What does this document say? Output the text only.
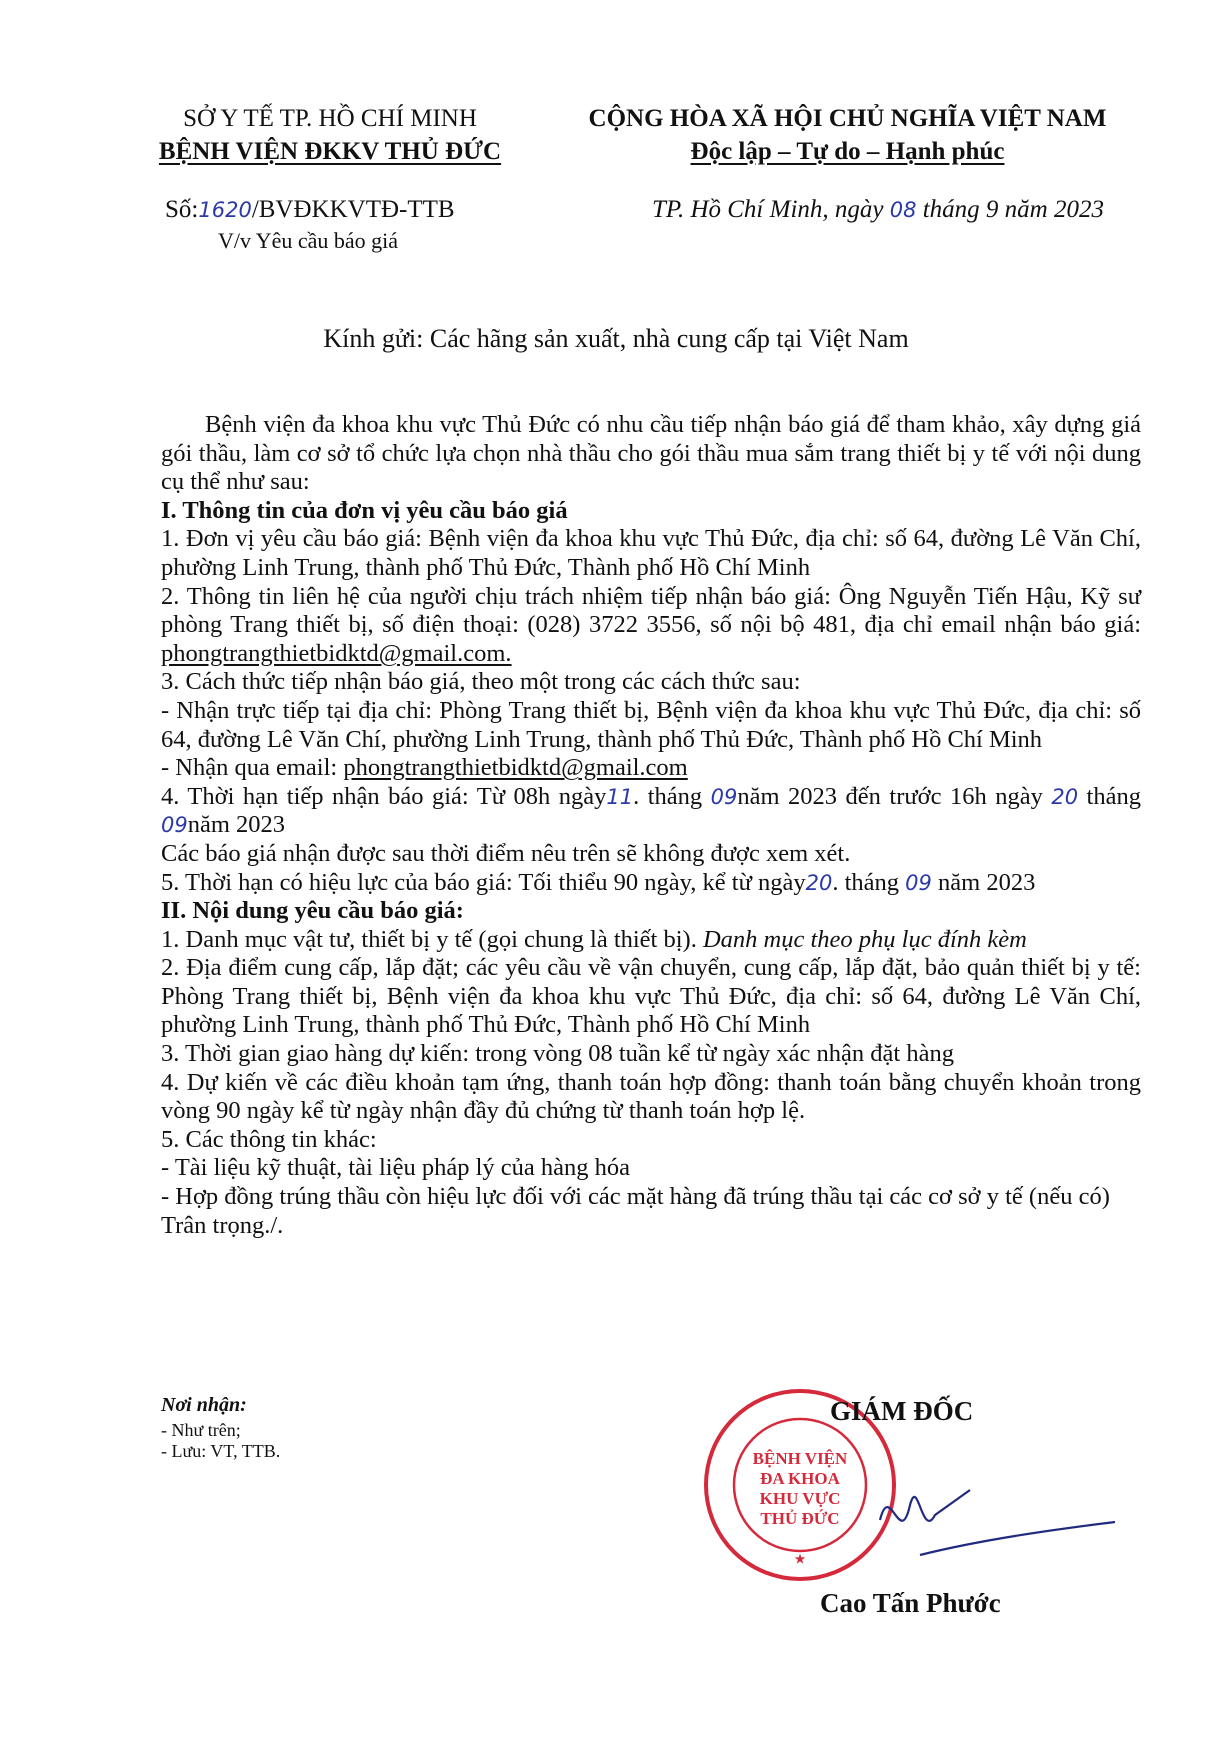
SỞ Y TẾ TP. HỒ CHÍ MINH
BỆNH VIỆN ĐKKV THỦ ĐỨC
CỘNG HÒA XÃ HỘI CHỦ NGHĨA VIỆT NAM
Độc lập – Tự do – Hạnh phúc
Số:1620/BVĐKKVTĐ-TTB
V/v Yêu cầu báo giá
TP. Hồ Chí Minh, ngày 08 tháng 9 năm 2023
Kính gửi: Các hãng sản xuất, nhà cung cấp tại Việt Nam

Bệnh viện đa khoa khu vực Thủ Đức có nhu cầu tiếp nhận báo giá để tham khảo, xây dựng giá gói thầu, làm cơ sở tổ chức lựa chọn nhà thầu cho gói thầu mua sắm trang thiết bị y tế với nội dung cụ thể như sau:

I. Thông tin của đơn vị yêu cầu báo giá

1. Đơn vị yêu cầu báo giá: Bệnh viện đa khoa khu vực Thủ Đức, địa chỉ: số 64, đường Lê Văn Chí, phường Linh Trung, thành phố Thủ Đức, Thành phố Hồ Chí Minh

2. Thông tin liên hệ của người chịu trách nhiệm tiếp nhận báo giá: Ông Nguyễn Tiến Hậu, Kỹ sư phòng Trang thiết bị, số điện thoại: (028) 3722 3556, số nội bộ 481, địa chỉ email nhận báo giá: phongtrangthietbidktd@gmail.com.

3. Cách thức tiếp nhận báo giá, theo một trong các cách thức sau:

- Nhận trực tiếp tại địa chỉ: Phòng Trang thiết bị, Bệnh viện đa khoa khu vực Thủ Đức, địa chỉ: số 64, đường Lê Văn Chí, phường Linh Trung, thành phố Thủ Đức, Thành phố Hồ Chí Minh

- Nhận qua email: phongtrangthietbidktd@gmail.com

4. Thời hạn tiếp nhận báo giá: Từ 08h ngày11. tháng 09năm 2023 đến trước 16h ngày 20 tháng 09năm 2023

Các báo giá nhận được sau thời điểm nêu trên sẽ không được xem xét.

5. Thời hạn có hiệu lực của báo giá: Tối thiểu 90 ngày, kể từ ngày20. tháng 09 năm 2023

II. Nội dung yêu cầu báo giá:

1. Danh mục vật tư, thiết bị y tế (gọi chung là thiết bị). Danh mục theo phụ lục đính kèm

2. Địa điểm cung cấp, lắp đặt; các yêu cầu về vận chuyển, cung cấp, lắp đặt, bảo quản thiết bị y tế: Phòng Trang thiết bị, Bệnh viện đa khoa khu vực Thủ Đức, địa chỉ: số 64, đường Lê Văn Chí, phường Linh Trung, thành phố Thủ Đức, Thành phố Hồ Chí Minh

3. Thời gian giao hàng dự kiến: trong vòng 08 tuần kể từ ngày xác nhận đặt hàng

4. Dự kiến về các điều khoản tạm ứng, thanh toán hợp đồng: thanh toán bằng chuyển khoản trong vòng 90 ngày kể từ ngày nhận đầy đủ chứng từ thanh toán hợp lệ.

5. Các thông tin khác:

- Tài liệu kỹ thuật, tài liệu pháp lý của hàng hóa

- Hợp đồng trúng thầu còn hiệu lực đối với các mặt hàng đã trúng thầu tại các cơ sở y tế (nếu có)

Trân trọng./.

Nơi nhận:
- Như trên;
- Lưu: VT, TTB.	BỆNH VIỆN
ĐA KHOA
KHU VỰC
THỦ ĐỨC
★
GIÁM ĐỐC
Cao Tấn Phước
